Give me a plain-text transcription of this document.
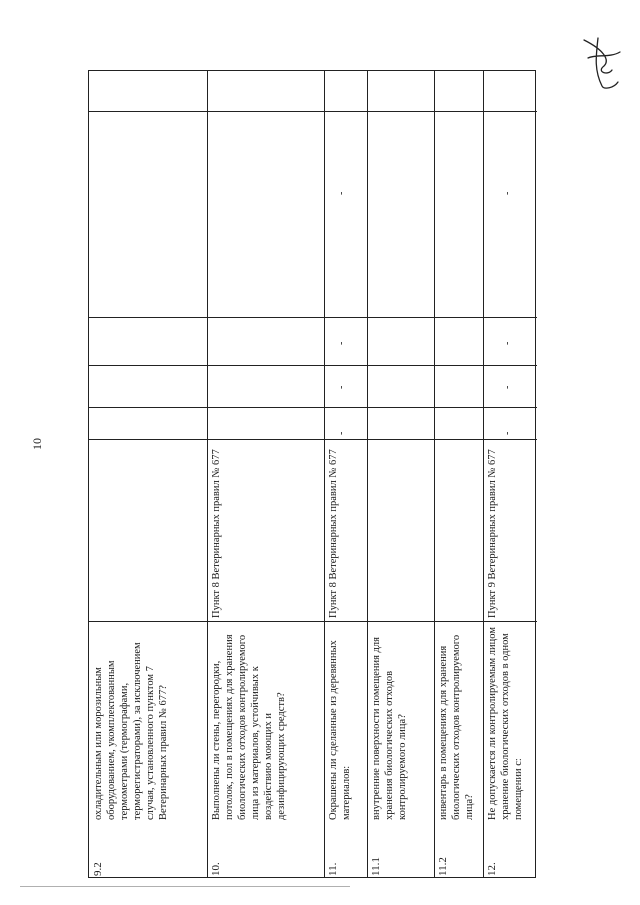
10
9.2
охладительным или морозильным оборудованием, укомплектованным термометрами (термографами, терморегистраторами), за исключением случая, установленного пунктом 7 Ветеринарных правил № 677?
10.
Выполнены ли стены, перегородки, потолок, пол в помещениях для хранения биологических отходов контролируемого лица из материалов, устойчивых к воздействию моющих и дезинфицирующих средств?
Пункт 8 Ветеринарных правил № 677
11.
Окрашены ли сделанные из деревянных материалов:
Пункт 8 Ветеринарных правил № 677
-
-
-
-
11.1
внутренние поверхности помещения для хранения биологических отходов контролируемого лица?
11.2
инвентарь в помещениях для хранения биологических отходов контролируемого лица?
12.
Не допускается ли контролируемым лицом хранение биологических отходов в одном помещении с:
Пункт 9 Ветеринарных правил № 677
-
-
-
-
